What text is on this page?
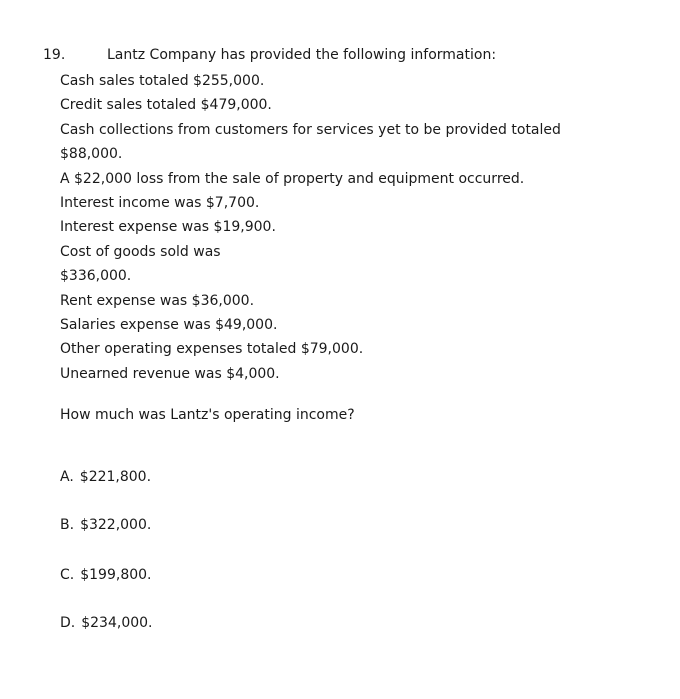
19.	Lantz Company has provided the following information:
Cash sales totaled $255,000.
Credit sales totaled $479,000.
Cash collections from customers for services yet to be provided totaled
$88,000.
A $22,000 loss from the sale of property and equipment occurred.
Interest income was $7,700.
Interest expense was $19,900.
Cost of goods sold was
$336,000.
Rent expense was $36,000.
Salaries expense was $49,000.
Other operating expenses totaled $79,000.
Unearned revenue was $4,000.
How much was Lantz's operating income?
A. $221,800.
B. $322,000.
C. $199,800.
D. $234,000.
